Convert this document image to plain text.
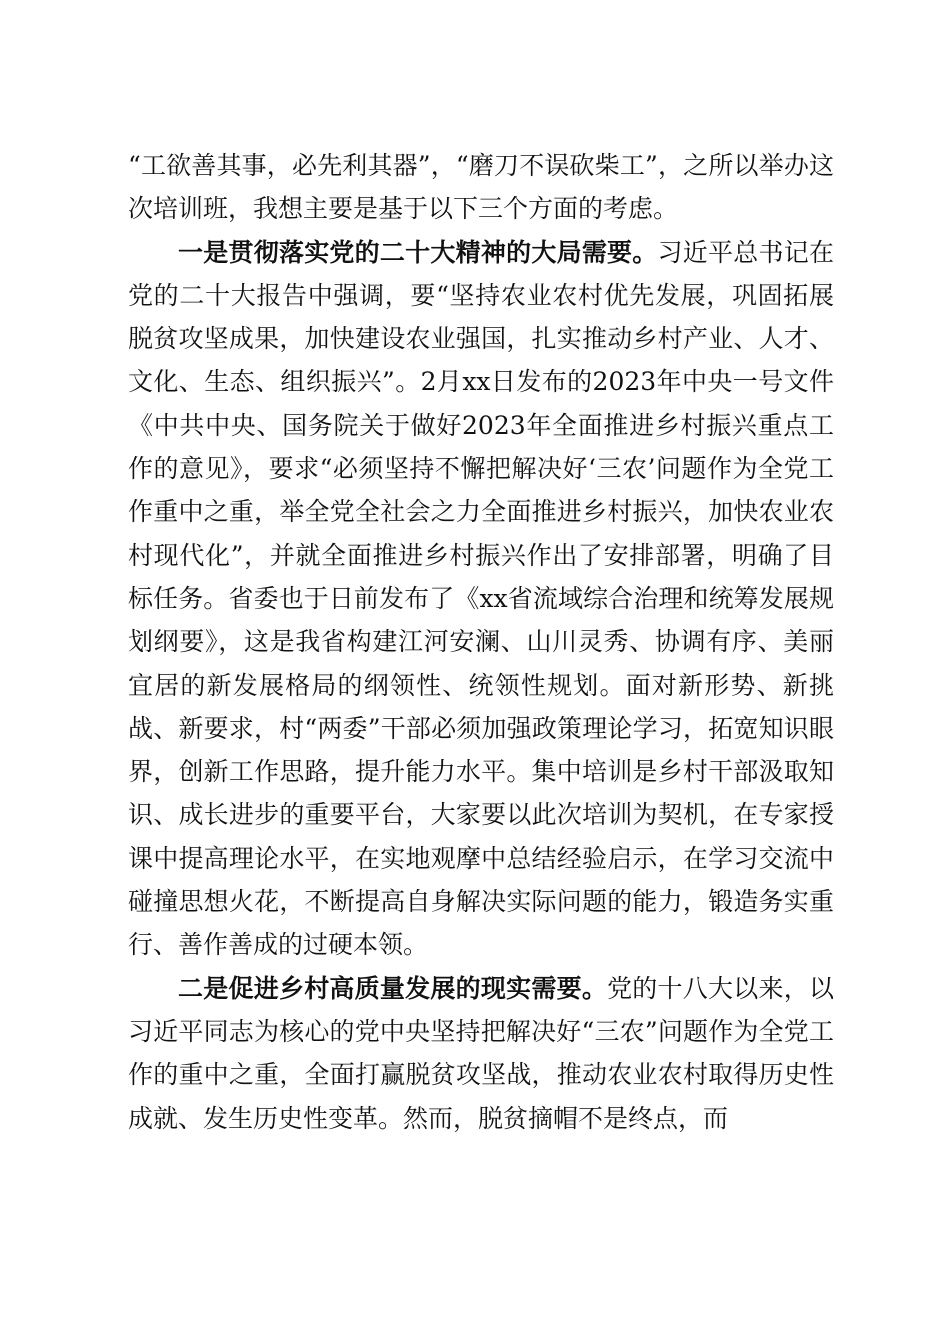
“工欲善其事，必先利其器”，“磨刀不误砍柴工”，之所以举办这次培训班，我想主要是基于以下三个方面的考虑。

一是贯彻落实党的二十大精神的大局需要。习近平总书记在党的二十大报告中强调，要“坚持农业农村优先发展，巩固拓展脱贫攻坚成果，加快建设农业强国，扎实推动乡村产业、人才、文化、生态、组织振兴”。2月xx日发布的2023年中央一号文件《中共中央、国务院关于做好2023年全面推进乡村振兴重点工作的意见》，要求“必须坚持不懈把解决好‘三农’问题作为全党工作重中之重，举全党全社会之力全面推进乡村振兴，加快农业农村现代化”，并就全面推进乡村振兴作出了安排部署，明确了目标任务。省委也于日前发布了《xx省流域综合治理和统筹发展规划纲要》，这是我省构建江河安澜、山川灵秀、协调有序、美丽宜居的新发展格局的纲领性、统领性规划。面对新形势、新挑战、新要求，村“两委”干部必须加强政策理论学习，拓宽知识眼界，创新工作思路，提升能力水平。集中培训是乡村干部汲取知识、成长进步的重要平台，大家要以此次培训为契机，在专家授课中提高理论水平，在实地观摩中总结经验启示，在学习交流中碰撞思想火花，不断提高自身解决实际问题的能力，锻造务实重行、善作善成的过硬本领。

二是促进乡村高质量发展的现实需要。党的十八大以来，以习近平同志为核心的党中央坚持把解决好“三农”问题作为全党工作的重中之重，全面打赢脱贫攻坚战，推动农业农村取得历史性成就、发生历史性变革。然而，脱贫摘帽不是终点，而
